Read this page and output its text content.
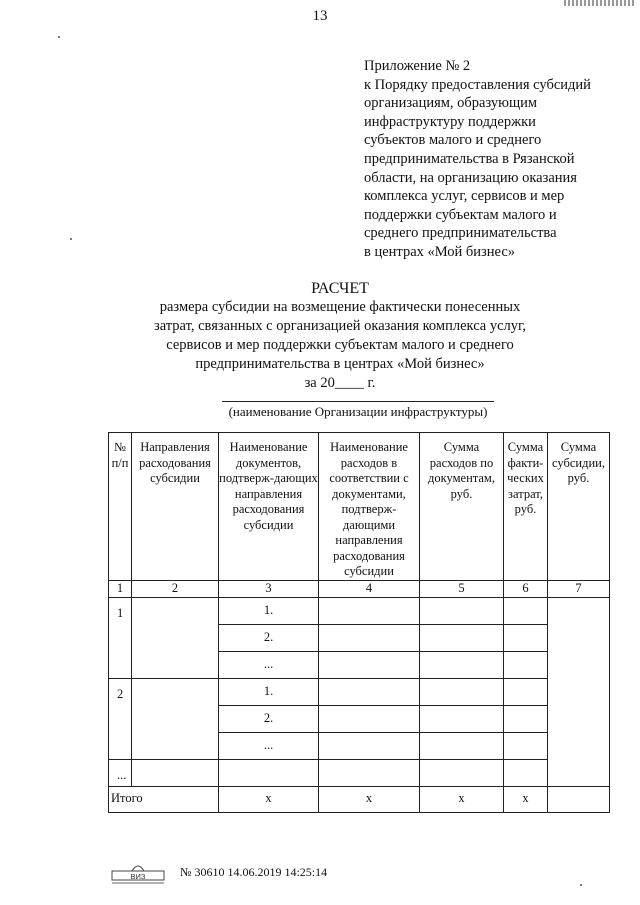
13
Приложение № 2
к Порядку предоставления субсидий
организациям, образующим
инфраструктуру поддержки
субъектов малого и среднего
предпринимательства в Рязанской
области, на организацию оказания
комплекса услуг, сервисов и мер
поддержки субъектам малого и
среднего предпринимательства
в центрах «Мой бизнес»
РАСЧЕТ
размера субсидии на возмещение фактически понесенных
затрат, связанных с организацией оказания комплекса услуг,
сервисов и мер поддержки субъектам малого и среднего
предпринимательства в центрах «Мой бизнес»
за 20____ г.
(наименование Организации инфраструктуры)
№ п/п	Направления расходования субсидии	Наименование документов, подтверж-дающих направления расходования субсидии	Наименование расходов в соответствии с документами, подтверж-дающими направления расходования субсидии	Сумма расходов по документам, руб.	Сумма факти-ческих затрат, руб.	Сумма субсидии, руб.
1	2	3	4	5	6	7
1		1.				
		2.				
		...				
2		1.				
		2.				
		...				
...						
Итого		x	x	x	x	
ВИЗ	№ 30610 14.06.2019 14:25:14
